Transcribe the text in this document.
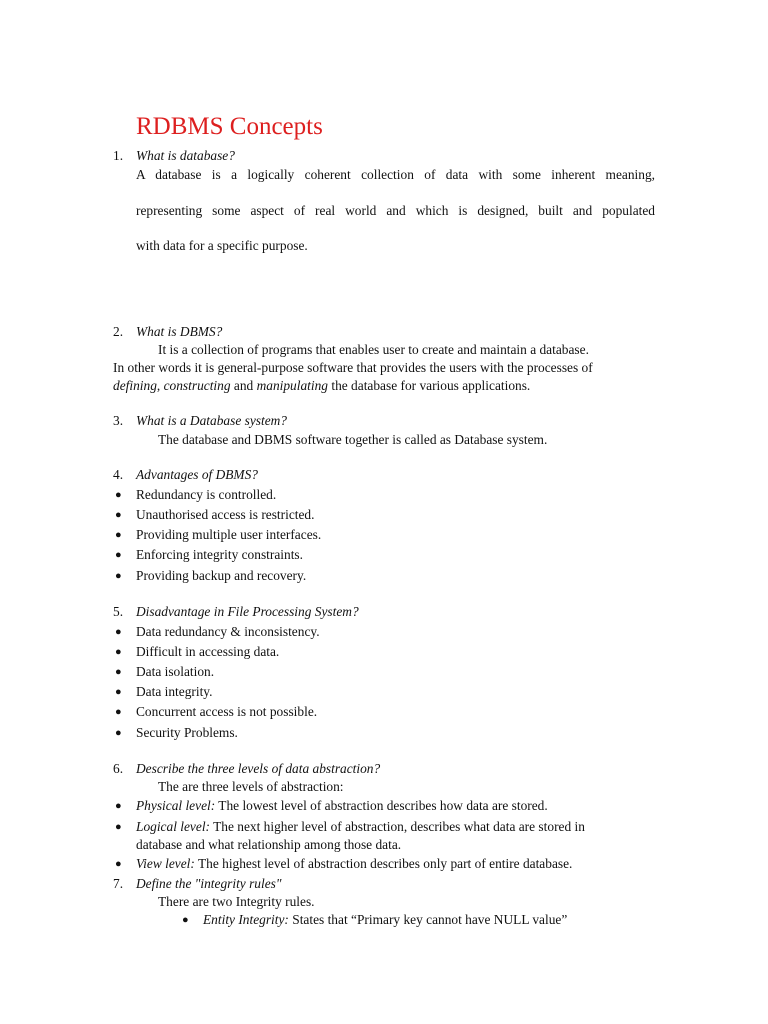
RDBMS Concepts
1. What is database?
A database is a logically coherent collection of data with some inherent meaning,
representing some aspect of real world and which is designed, built and populated
with data for a specific purpose.
2. What is DBMS?
It is a collection of programs that enables user to create and maintain a database.
In other words it is general-purpose software that provides the users with the processes of
defining, constructing and manipulating the database for various applications.
3. What is a Database system?
The database and DBMS software together is called as Database system.
4. Advantages of DBMS?
● Redundancy is controlled.
● Unauthorised access is restricted.
● Providing multiple user interfaces.
● Enforcing integrity constraints.
● Providing backup and recovery.
5. Disadvantage in File Processing System?
● Data redundancy & inconsistency.
● Difficult in accessing data.
● Data isolation.
● Data integrity.
● Concurrent access is not possible.
● Security Problems.
6. Describe the three levels of data abstraction?
The are three levels of abstraction:
● Physical level: The lowest level of abstraction describes how data are stored.
● Logical level: The next higher level of abstraction, describes what data are stored in
database and what relationship among those data.
● View level: The highest level of abstraction describes only part of entire database.
7. Define the "integrity rules"
There are two Integrity rules.
● Entity Integrity: States that “Primary key cannot have NULL value”
